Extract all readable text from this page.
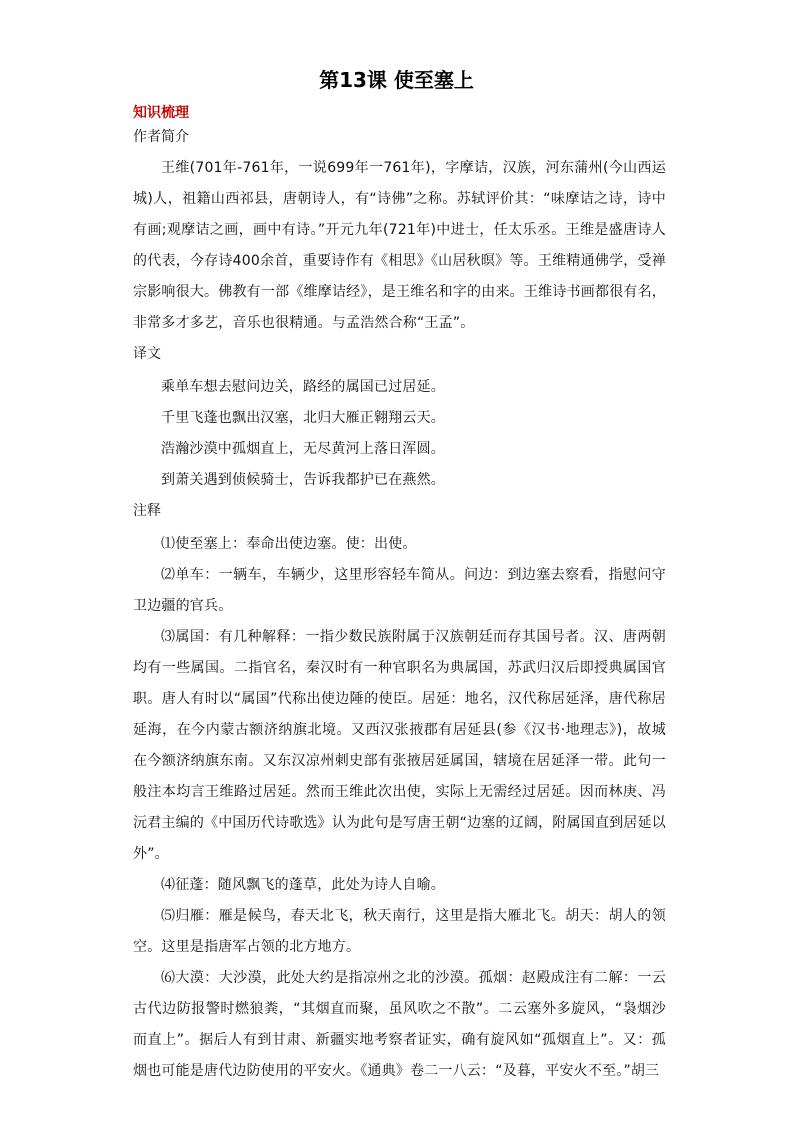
第13课 使至塞上
知识梳理
作者简介

王维(701年-761年，一说699年一761年)，字摩诘，汉族，河东蒲州(今山西运城)人，祖籍山西祁县，唐朝诗人，有“诗佛”之称。苏轼评价其：“味摩诘之诗，诗中有画;观摩诘之画，画中有诗。”开元九年(721年)中进士，任太乐丞。王维是盛唐诗人的代表，今存诗400余首，重要诗作有《相思》《山居秋暝》等。王维精通佛学，受禅宗影响很大。佛教有一部《维摩诘经》，是王维名和字的由来。王维诗书画都很有名，非常多才多艺，音乐也很精通。与孟浩然合称“王孟”。

译文

乘单车想去慰问边关，路经的属国已过居延。

千里飞蓬也飘出汉塞，北归大雁正翱翔云天。

浩瀚沙漠中孤烟直上，无尽黄河上落日浑圆。

到萧关遇到侦候骑士，告诉我都护已在燕然。

注释

⑴使至塞上：奉命出使边塞。使：出使。

⑵单车：一辆车，车辆少，这里形容轻车简从。问边：到边塞去察看，指慰问守卫边疆的官兵。

⑶属国：有几种解释：一指少数民族附属于汉族朝廷而存其国号者。汉、唐两朝均有一些属国。二指官名，秦汉时有一种官职名为典属国，苏武归汉后即授典属国官职。唐人有时以“属国”代称出使边陲的使臣。居延：地名，汉代称居延泽，唐代称居延海，在今内蒙古额济纳旗北境。又西汉张掖郡有居延县(参《汉书·地理志》)，故城在今额济纳旗东南。又东汉凉州刺史部有张掖居延属国，辖境在居延泽一带。此句一般注本均言王维路过居延。然而王维此次出使，实际上无需经过居延。因而林庚、冯沅君主编的《中国历代诗歌选》认为此句是写唐王朝“边塞的辽阔，附属国直到居延以外”。

⑷征蓬：随风飘飞的蓬草，此处为诗人自喻。

⑸归雁：雁是候鸟，春天北飞，秋天南行，这里是指大雁北飞。胡天：胡人的领空。这里是指唐军占领的北方地方。

⑹大漠：大沙漠，此处大约是指凉州之北的沙漠。孤烟：赵殿成注有二解：一云古代边防报警时燃狼粪，“其烟直而聚，虽风吹之不散”。二云塞外多旋风，“袅烟沙而直上”。据后人有到甘肃、新疆实地考察者证实，确有旋风如“孤烟直上”。又：孤烟也可能是唐代边防使用的平安火。《通典》卷二一八云：“及暮，平安火不至。”胡三
